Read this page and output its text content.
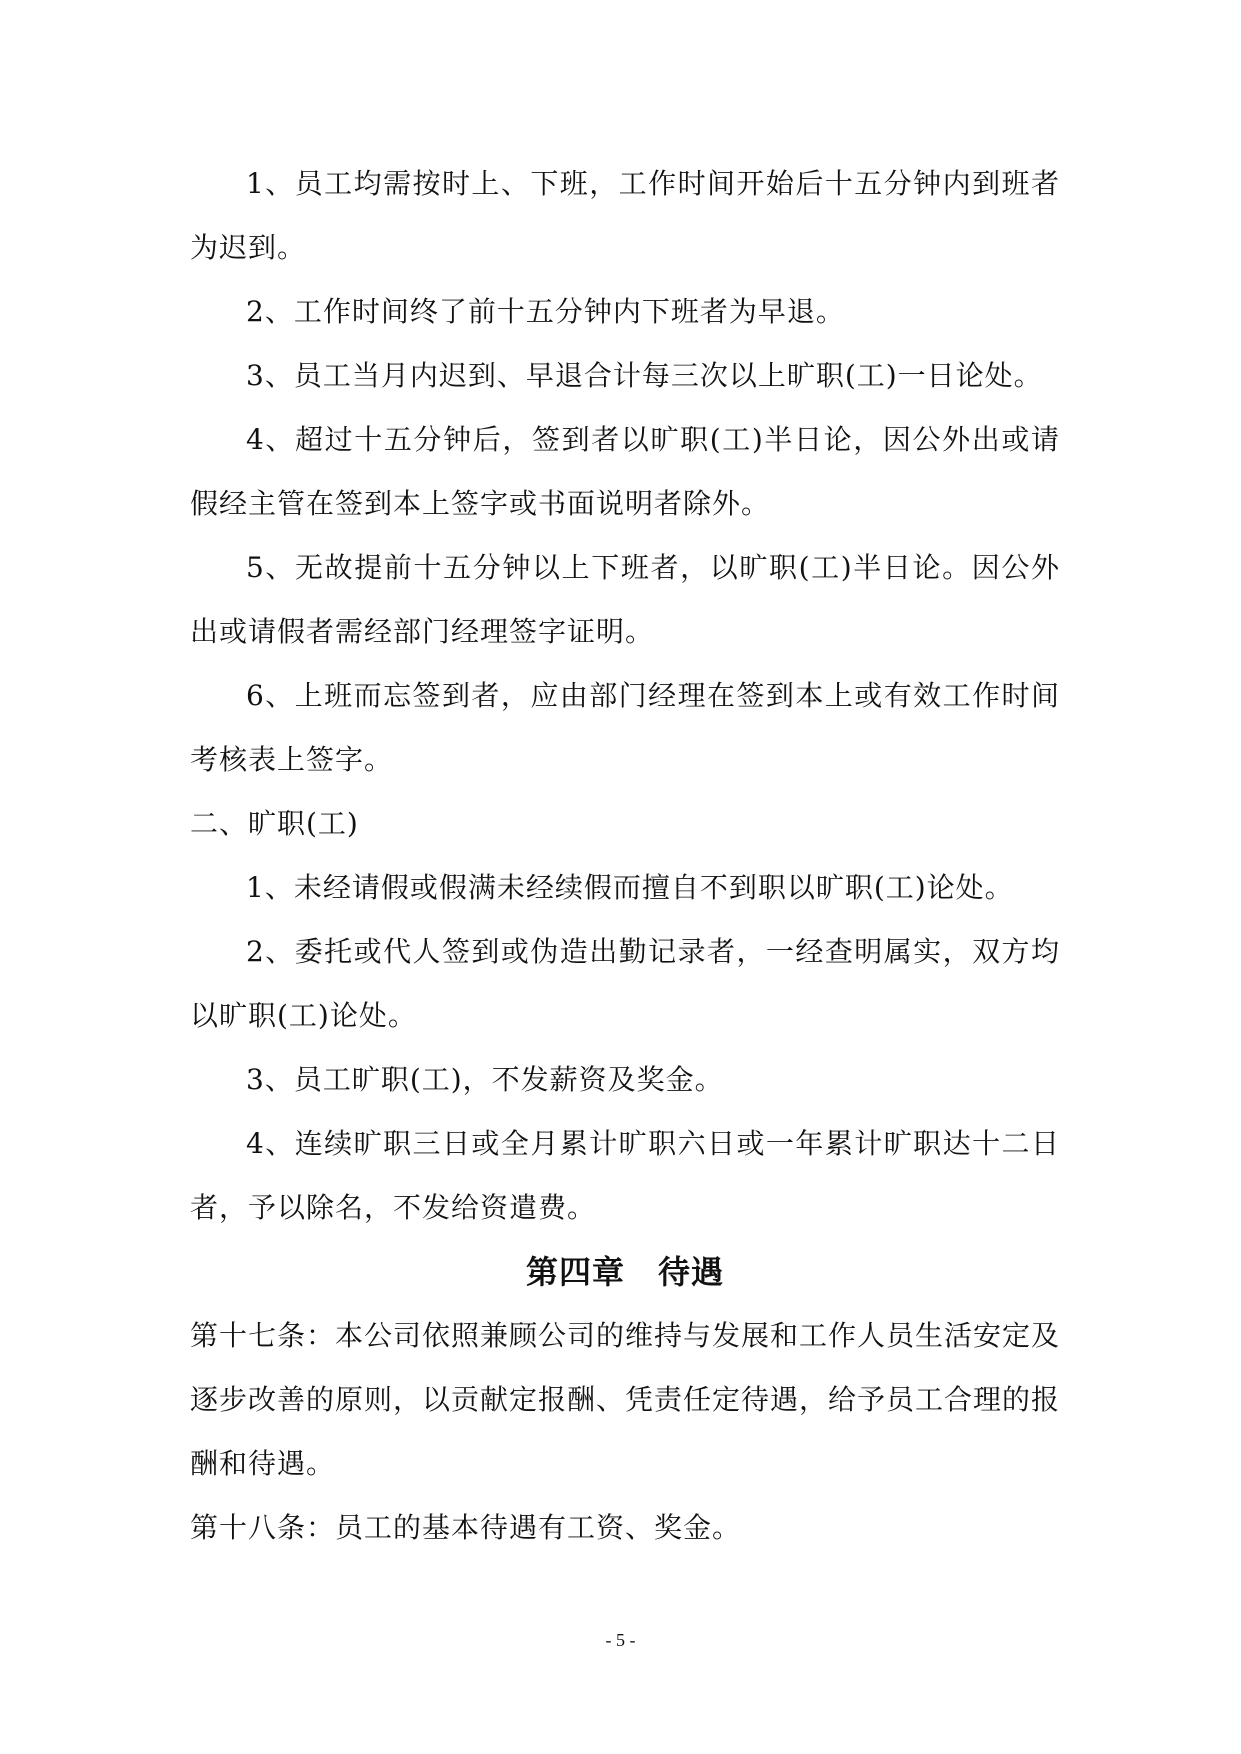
1、员工均需按时上、下班，工作时间开始后十五分钟内到班者为迟到。

2、工作时间终了前十五分钟内下班者为早退。

3、员工当月内迟到、早退合计每三次以上旷职(工)一日论处。

4、超过十五分钟后，签到者以旷职(工)半日论，因公外出或请假经主管在签到本上签字或书面说明者除外。

5、无故提前十五分钟以上下班者，以旷职(工)半日论。因公外出或请假者需经部门经理签字证明。

6、上班而忘签到者，应由部门经理在签到本上或有效工作时间考核表上签字。

二、旷职(工)

1、未经请假或假满未经续假而擅自不到职以旷职(工)论处。

2、委托或代人签到或伪造出勤记录者，一经查明属实，双方均以旷职(工)论处。

3、员工旷职(工)，不发薪资及奖金。

4、连续旷职三日或全月累计旷职六日或一年累计旷职达十二日者，予以除名，不发给资遣费。

第四章　待遇

第十七条：本公司依照兼顾公司的维持与发展和工作人员生活安定及逐步改善的原则，以贡献定报酬、凭责任定待遇，给予员工合理的报酬和待遇。

第十八条：员工的基本待遇有工资、奖金。

- 5 -
